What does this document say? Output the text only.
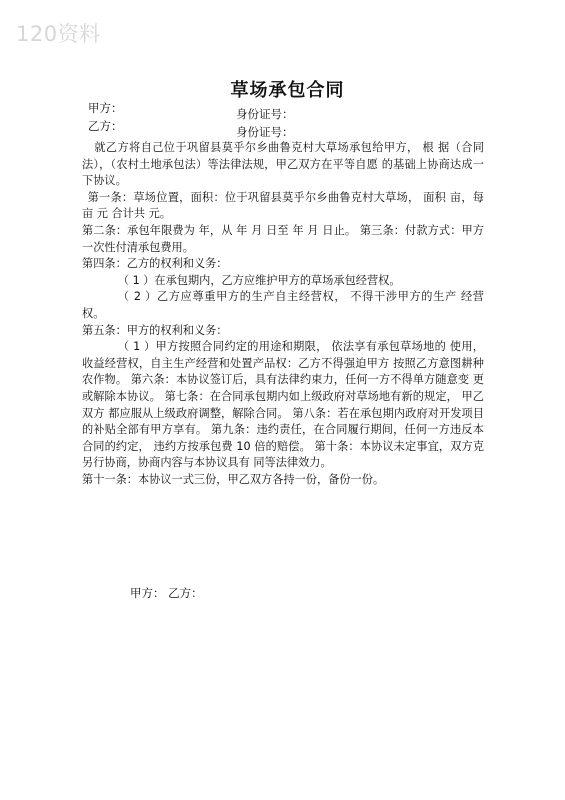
120资料
草场承包合同
甲方：
乙方：
身份证号：
身份证号：

就乙方将自己位于巩留县莫乎尔乡曲鲁克村大草场承包给甲方， 根 据（合同法），（农村土地承包法）等法律法规，甲乙双方在平等自愿 的基础上协商达成一下协议。

第一条：草场位置，面积：位于巩留县莫乎尔乡曲鲁克村大草场， 面积 亩，每亩 元 合计共 元。

第二条：承包年限费为 年，从 年 月 日至 年 月 日止。 第三条：付款方式：甲方一次性付清承包费用。

第四条：乙方的权利和义务：

（ 1 ）在承包期内，乙方应维护甲方的草场承包经营权。

（ 2 ）乙方应尊重甲方的生产自主经营权， 不得干涉甲方的生产 经营权。

第五条：甲方的权利和义务：

（ 1 ）甲方按照合同约定的用途和期限， 依法享有承包草场地的 使用，收益经营权，自主生产经营和处置产品权：乙方不得强迫甲方 按照乙方意图耕种农作物。 第六条：本协议签订后，具有法律约束力，任何一方不得单方随意变 更或解除本协议。 第七条：在合同承包期内如上级政府对草场地有新的规定， 甲乙双方 都应服从上级政府调整，解除合同。 第八条：若在承包期内政府对开发项目的补贴全部有甲方享有。 第九条：违约责任，在合同履行期间，任何一方违反本合同的约定， 违约方按承包费 10 倍的赔偿。 第十条：本协议未定事宜，双方克另行协商，协商内容与本协议具有 同等法律效力。

第十一条：本协议一式三份，甲乙双方各持一份，备份一份。

甲方： 乙方：
